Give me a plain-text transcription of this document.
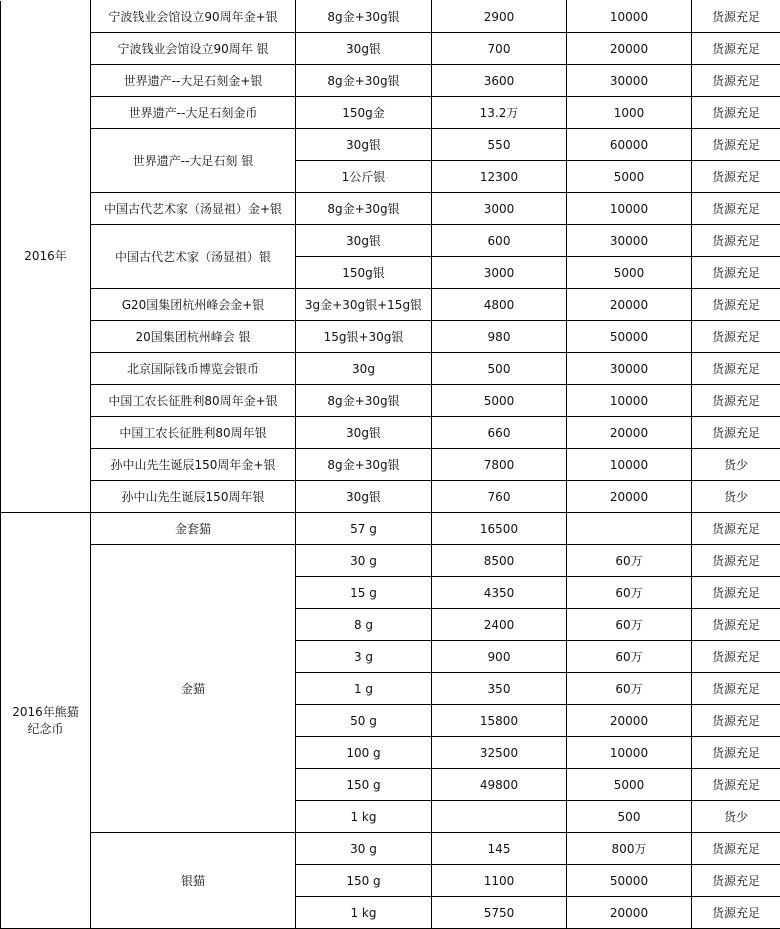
2016年	宁波钱业会馆设立90周年金+银	8g金+30g银	2900	10000	货源充足
	宁波钱业会馆设立90周年 银	30g银	700	20000	货源充足
	世界遗产--大足石刻金+银	8g金+30g银	3600	30000	货源充足
	世界遗产--大足石刻金币	150g金	13.2万	1000	货源充足
	世界遗产--大足石刻 银	30g银	550	60000	货源充足
		1公斤银	12300	5000	货源充足
	中国古代艺术家（汤显祖）金+银	8g金+30g银	3000	10000	货源充足
	中国古代艺术家（汤显祖）银	30g银	600	30000	货源充足
		150g银	3000	5000	货源充足
	G20国集团杭州峰会金+银	3g金+30g银+15g银	4800	20000	货源充足
	20国集团杭州峰会 银	15g银+30g银	980	50000	货源充足
	北京国际钱币博览会银币	30g	500	30000	货源充足
	中国工农长征胜利80周年金+银	8g金+30g银	5000	10000	货源充足
	中国工农长征胜利80周年银	30g银	660	20000	货源充足
	孙中山先生诞辰150周年金+银	8g金+30g银	7800	10000	货少
	孙中山先生诞辰150周年银	30g银	760	20000	货少
2016年熊猫
纪念币	金套猫	57 g	16500		货源充足
	金猫	30 g	8500	60万	货源充足
		15 g	4350	60万	货源充足
		8 g	2400	60万	货源充足
		3 g	900	60万	货源充足
		1 g	350	60万	货源充足
		50 g	15800	20000	货源充足
		100 g	32500	10000	货源充足
		150 g	49800	5000	货源充足
		1 kg		500	货少
	银猫	30 g	145	800万	货源充足
		150 g	1100	50000	货源充足
		1 kg	5750	20000	货源充足
